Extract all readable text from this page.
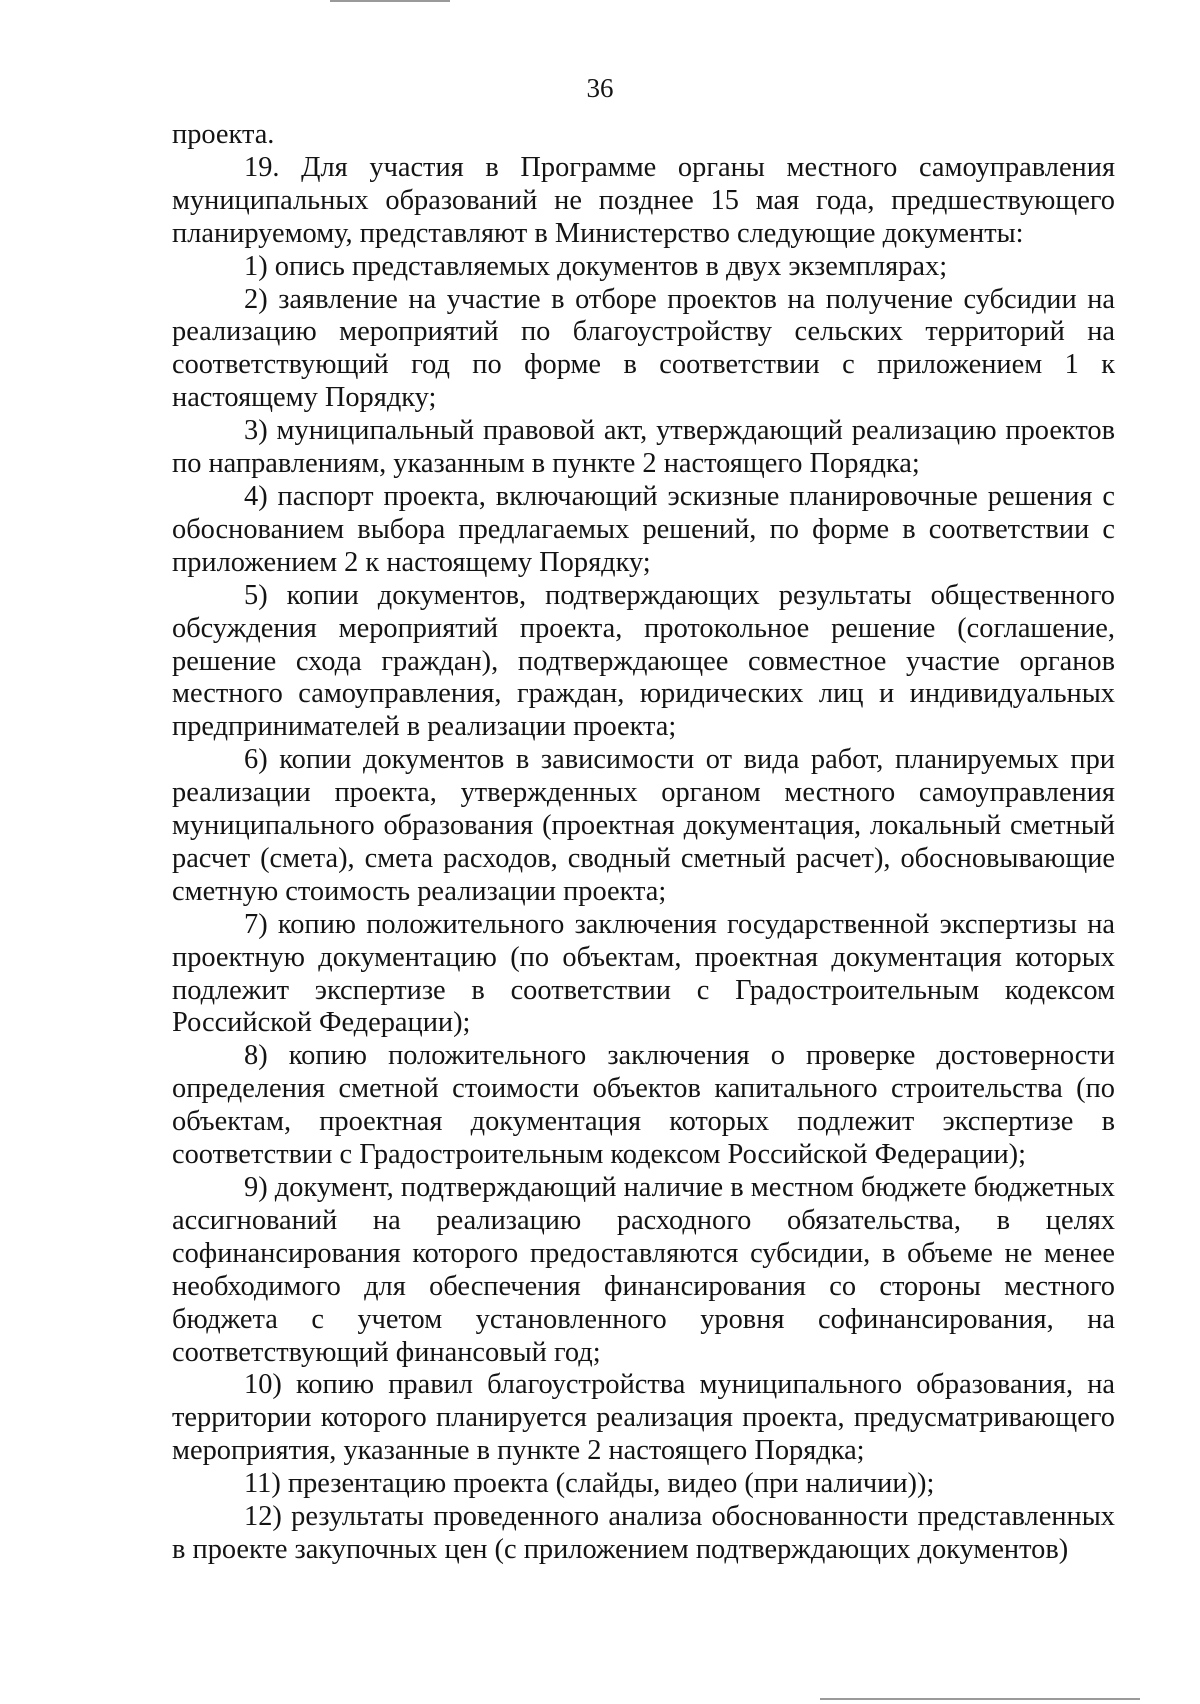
36

проекта.

19. Для участия в Программе органы местного самоуправления муниципальных образований не позднее 15 мая года, предшествующего планируемому, представляют в Министерство следующие документы:

1) опись представляемых документов в двух экземплярах;

2) заявление на участие в отборе проектов на получение субсидии на реализацию мероприятий по благоустройству сельских территорий на соответствующий год по форме в соответствии с приложением 1 к настоящему Порядку;

3) муниципальный правовой акт, утверждающий реализацию проектов по направлениям, указанным в пункте 2 настоящего Порядка;

4) паспорт проекта, включающий эскизные планировочные решения с обоснованием выбора предлагаемых решений, по форме в соответствии с приложением 2 к настоящему Порядку;

5) копии документов, подтверждающих результаты общественного обсуждения мероприятий проекта, протокольное решение (соглашение, решение схода граждан), подтверждающее совместное участие органов местного самоуправления, граждан, юридических лиц и индивидуальных предпринимателей в реализации проекта;

6) копии документов в зависимости от вида работ, планируемых при реализации проекта, утвержденных органом местного самоуправления муниципального образования (проектная документация, локальный сметный расчет (смета), смета расходов, сводный сметный расчет), обосновывающие сметную стоимость реализации проекта;

7) копию положительного заключения государственной экспертизы на проектную документацию (по объектам, проектная документация которых подлежит экспертизе в соответствии с Градостроительным кодексом Российской Федерации);

8) копию положительного заключения о проверке достоверности определения сметной стоимости объектов капитального строительства (по объектам, проектная документация которых подлежит экспертизе в соответствии с Градостроительным кодексом Российской Федерации);

9) документ, подтверждающий наличие в местном бюджете бюджетных ассигнований на реализацию расходного обязательства, в целях софинансирования которого предоставляются субсидии, в объеме не менее необходимого для обеспечения финансирования со стороны местного бюджета с учетом установленного уровня софинансирования, на соответствующий финансовый год;

10) копию правил благоустройства муниципального образования, на территории которого планируется реализация проекта, предусматривающего мероприятия, указанные в пункте 2 настоящего Порядка;

11) презентацию проекта (слайды, видео (при наличии));

12) результаты проведенного анализа обоснованности представленных в проекте закупочных цен (с приложением подтверждающих документов)
